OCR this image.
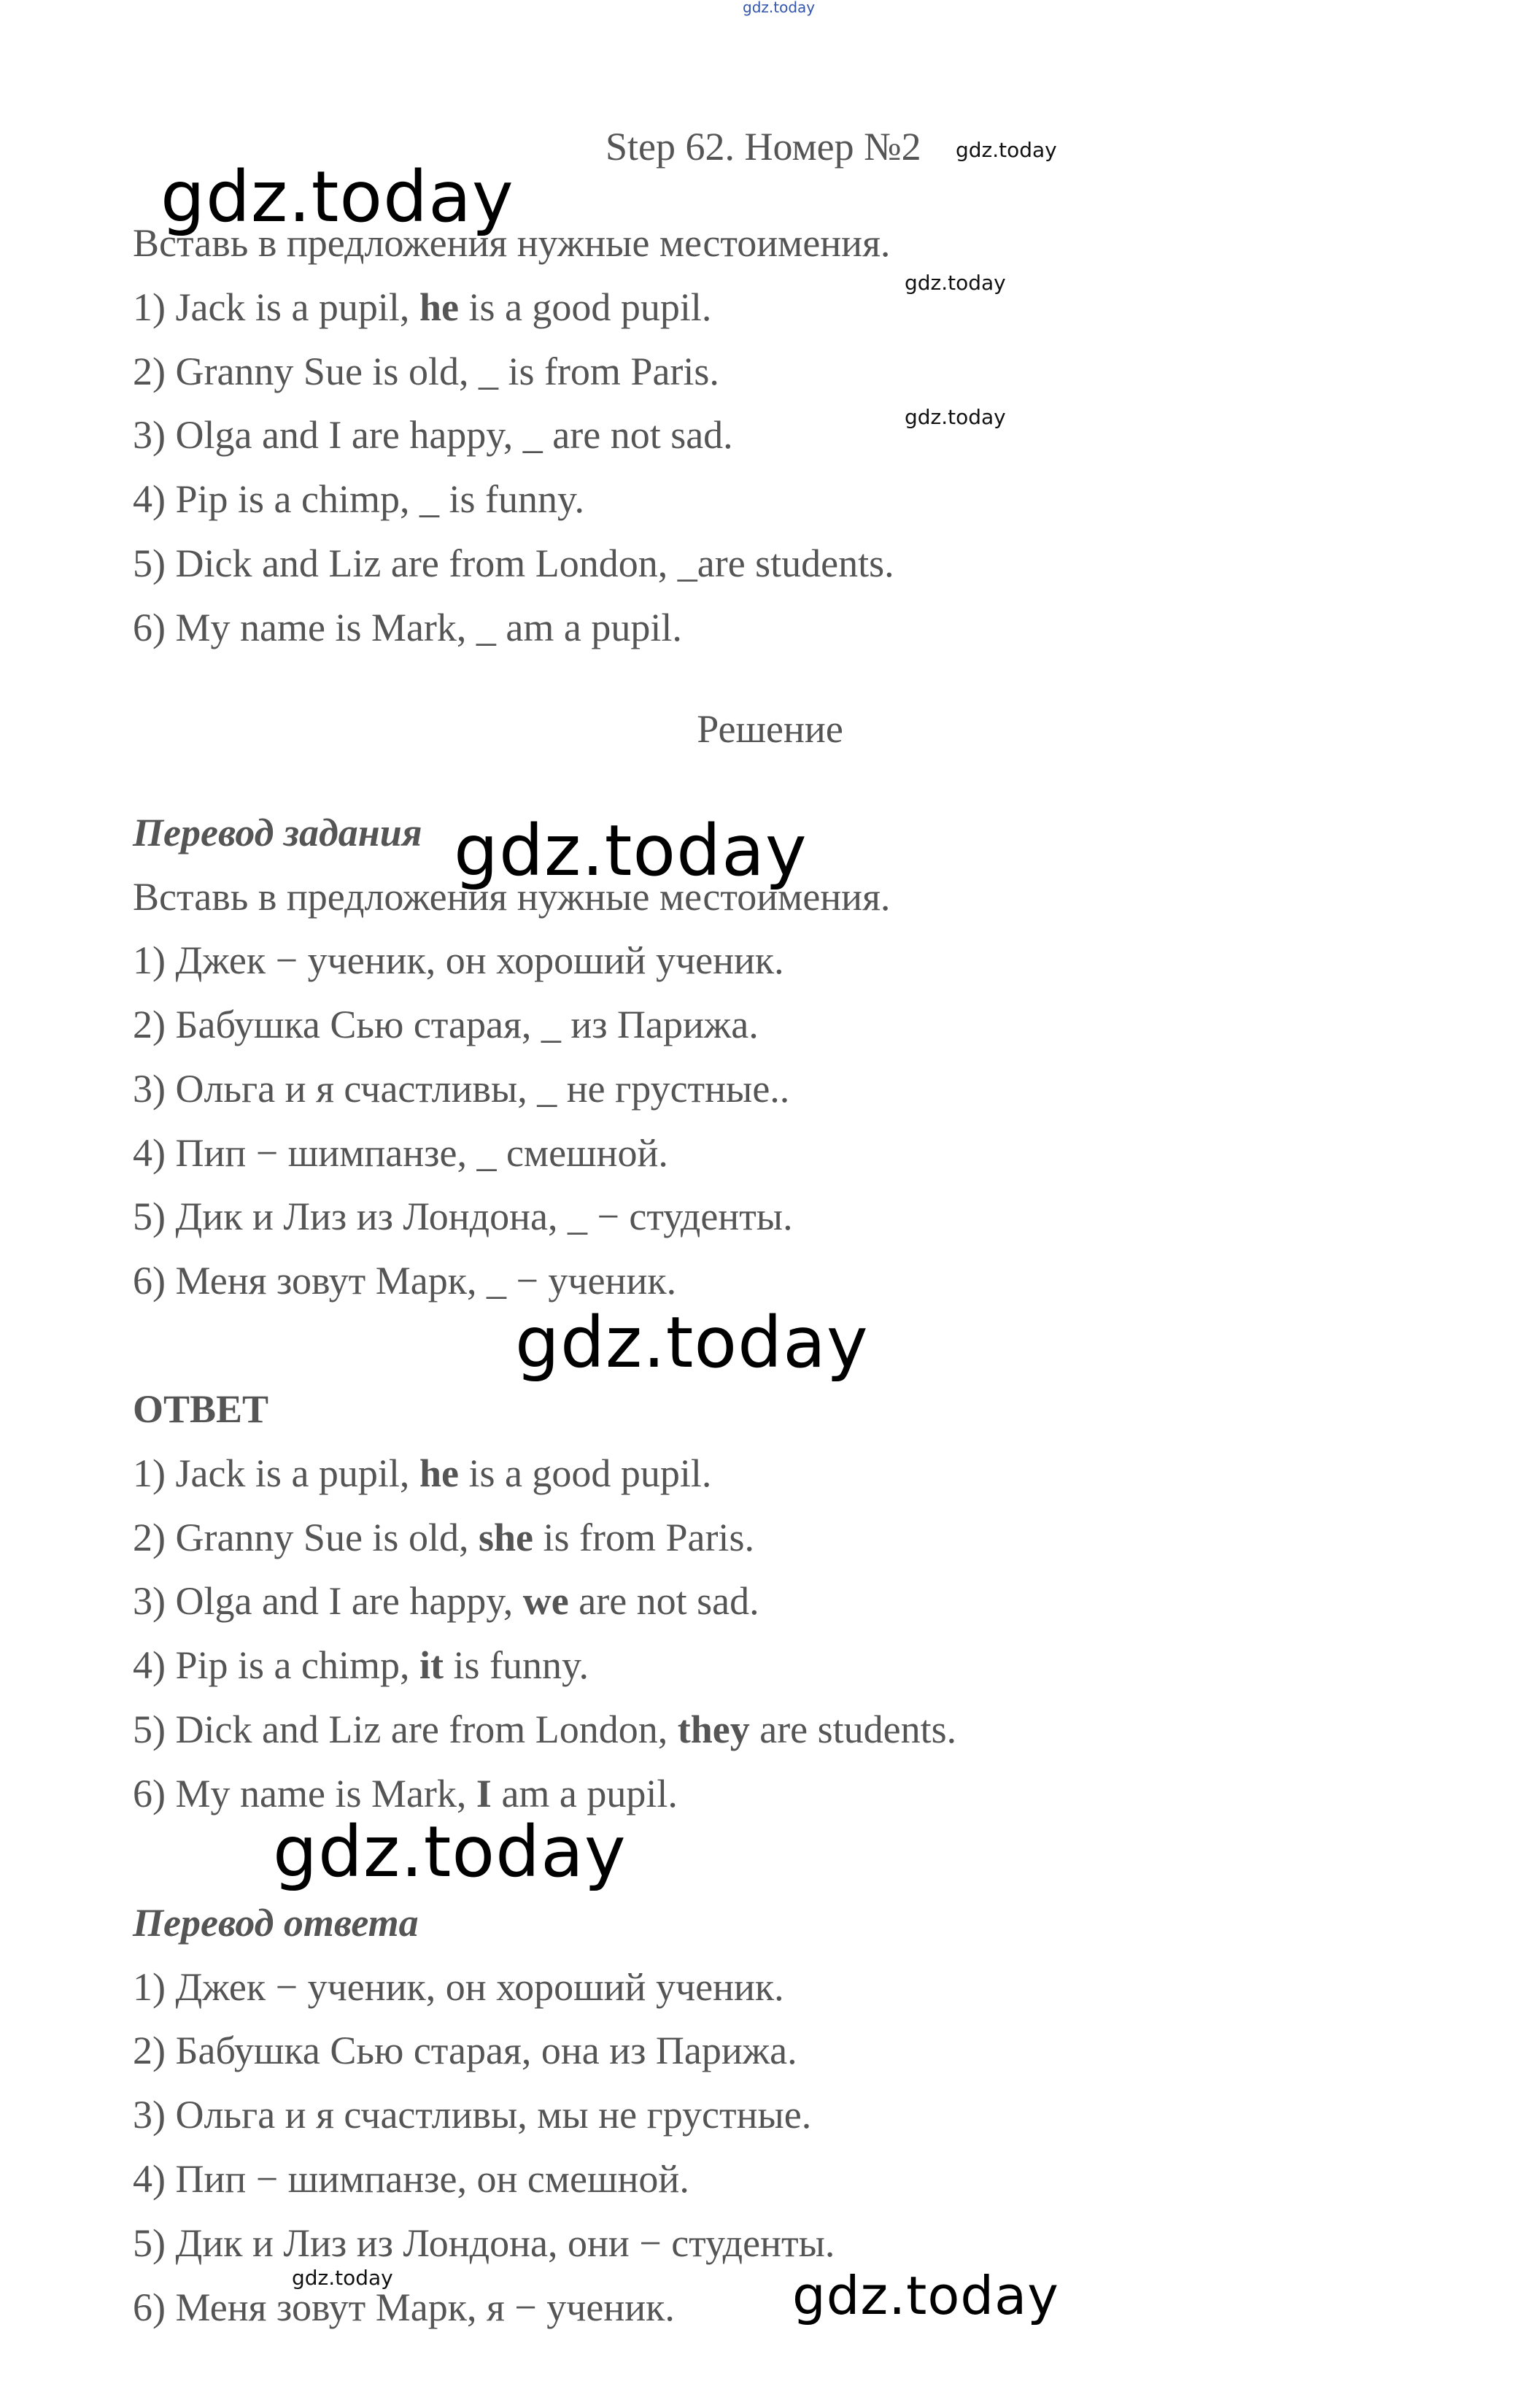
gdz.today
gdz.today
gdz.today
gdz.today
gdz.today
gdz.today
gdz.today
gdz.today
gdz.today	gdz.today
Step 62. Номер №2
Вставь в предложения нужные местоимения.
1) Jack is a pupil, he is a good pupil.
2) Granny Sue is old, _ is from Paris.
3) Olga and I are happy, _ are not sad.
4) Pip is a chimp, _ is funny.
5) Dick and Liz are from London, _are students.
6) My name is Mark, _ am a pupil.
Решение
Перевод задания
Вставь в предложения нужные местоимения.
1) Джек − ученик, он хороший ученик.
2) Бабушка Сью старая, _ из Парижа.
3) Ольга и я счастливы, _ не грустные..
4) Пип − шимпанзе, _ смешной.
5) Дик и Лиз из Лондона, _ − студенты.
6) Меня зовут Марк, _ − ученик.
ОТВЕТ
1) Jack is a pupil, he is a good pupil.
2) Granny Sue is old, she is from Paris.
3) Olga and I are happy, we are not sad.
4) Pip is a chimp, it is funny.
5) Dick and Liz are from London, they are students.
6) My name is Mark, I am a pupil.
Перевод ответа
1) Джек − ученик, он хороший ученик.
2) Бабушка Сью старая, она из Парижа.
3) Ольга и я счастливы, мы не грустные.
4) Пип − шимпанзе, он смешной.
5) Дик и Лиз из Лондона, они − студенты.
6) Меня зовут Марк, я − ученик.
